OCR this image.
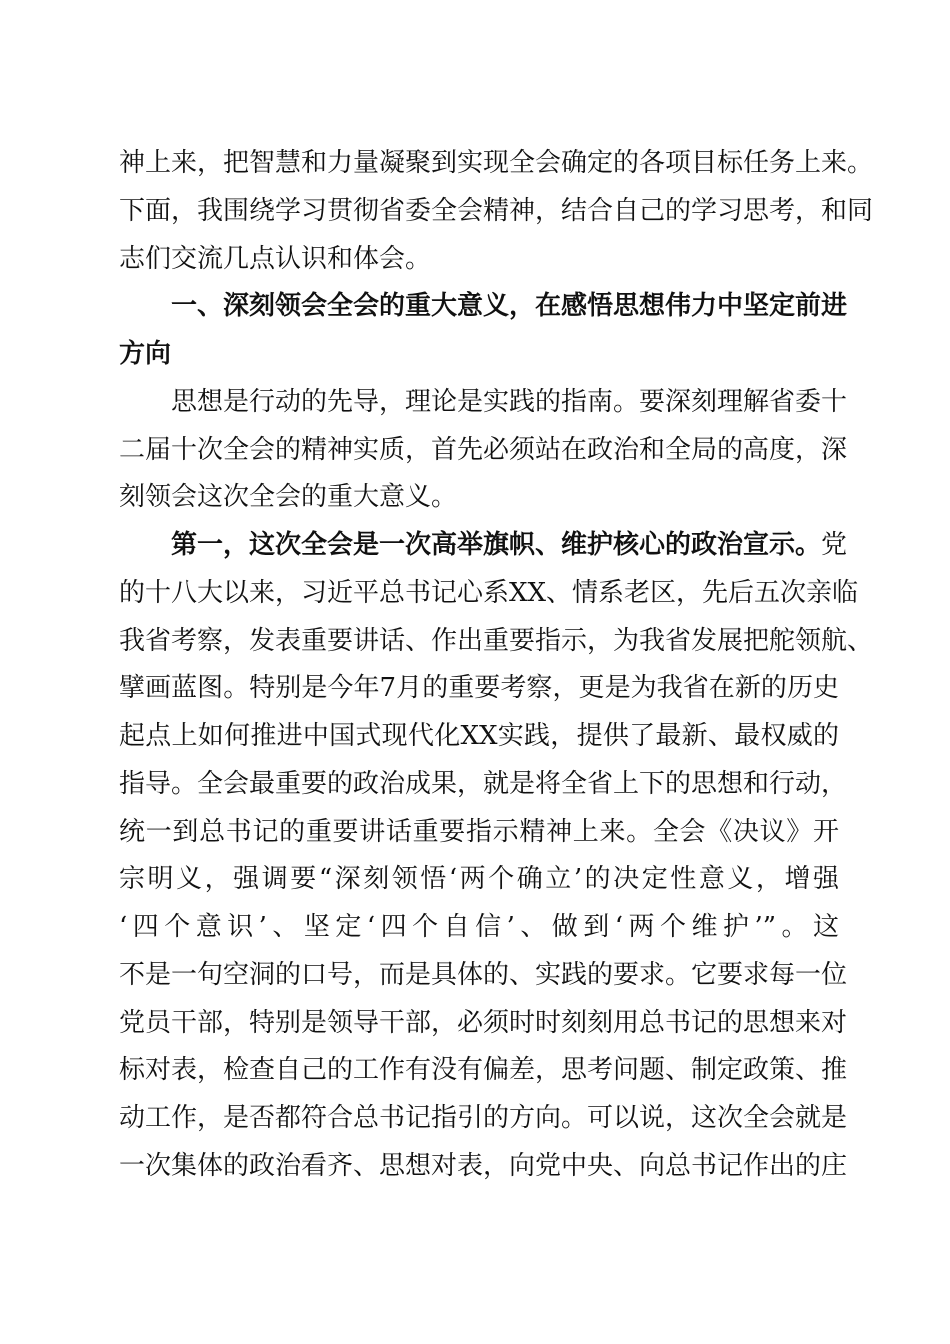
神上来，把智慧和力量凝聚到实现全会确定的各项目标任务上来。
下面，我围绕学习贯彻省委全会精神，结合自己的学习思考，和同
志们交流几点认识和体会。
　　一、深刻领会全会的重大意义，在感悟思想伟力中坚定前进
方向
　　思想是行动的先导，理论是实践的指南。要深刻理解省委十
二届十次全会的精神实质，首先必须站在政治和全局的高度，深
刻领会这次全会的重大意义。
　　第一，这次全会是一次高举旗帜、维护核心的政治宣示。党
的十八大以来，习近平总书记心系XX、情系老区，先后五次亲临
我省考察，发表重要讲话、作出重要指示，为我省发展把舵领航、
擘画蓝图。特别是今年7月的重要考察，更是为我省在新的历史
起点上如何推进中国式现代化XX实践，提供了最新、最权威的
指导。全会最重要的政治成果，就是将全省上下的思想和行动，
统一到总书记的重要讲话重要指示精神上来。全会《决议》开
宗明义，强调要“深刻领悟‘两个确立’的决定性意义，增强
‘四个意识’、坚定‘四个自信’、做到‘两个维护’”。这
不是一句空洞的口号，而是具体的、实践的要求。它要求每一位
党员干部，特别是领导干部，必须时时刻刻用总书记的思想来对
标对表，检查自己的工作有没有偏差，思考问题、制定政策、推
动工作，是否都符合总书记指引的方向。可以说，这次全会就是
一次集体的政治看齐、思想对表，向党中央、向总书记作出的庄
